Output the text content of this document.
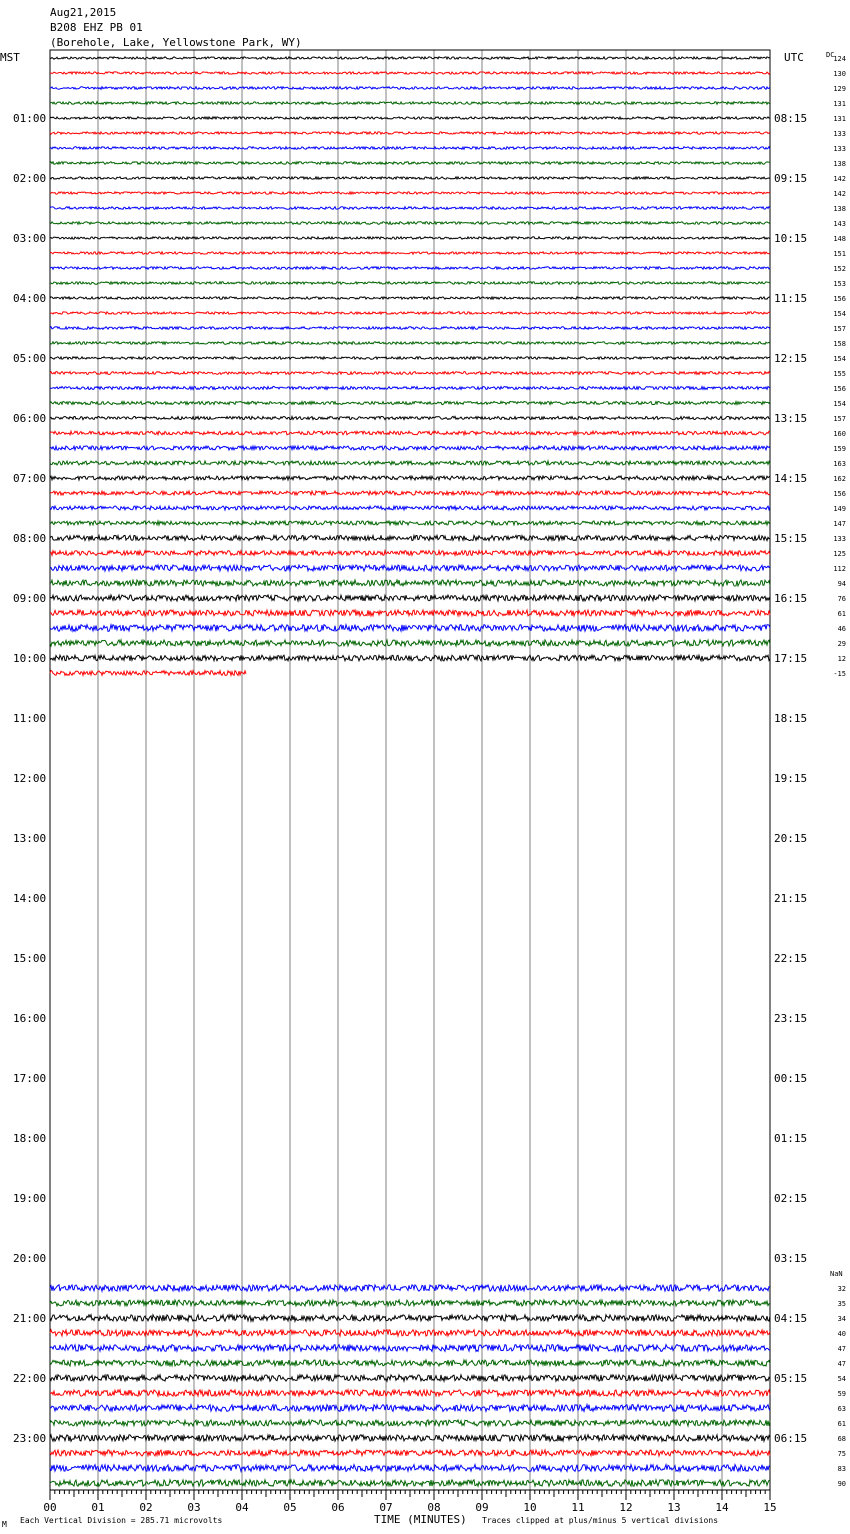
Aug21,2015
B208 EHZ PB 01
(Borehole, Lake, Yellowstone Park, WY)
MST	UTC	DC
NaN
01:00
02:00
03:00
04:00
05:00
06:00
07:00
08:00
09:00
10:00
11:00
12:00
13:00
14:00
15:00
16:00
17:00
18:00
19:00
20:00
21:00
22:00
23:00
08:15
09:15
10:15
11:15
12:15
13:15
14:15
15:15
16:15
17:15
18:15
19:15
20:15
21:15
22:15
23:15
00:15
01:15
02:15
03:15
04:15
05:15
06:15
124
130
129
131
131
133
133
138
142
142
138
143
148
151
152
153
156
154
157
158
154
155
156
154
157
160
159
163
162
156
149
147
133
125
112
94
76
61
46
29
12
-15
32
35
34
40
47
47
54
59
63
61
68
75
83
90
00	01	02	03	04	05	06	07	08	09	10	11	12	13	14	15
M Each Vertical Division = 285.71 microvolts	TIME (MINUTES) Traces clipped at plus/minus 5 vertical divisions
